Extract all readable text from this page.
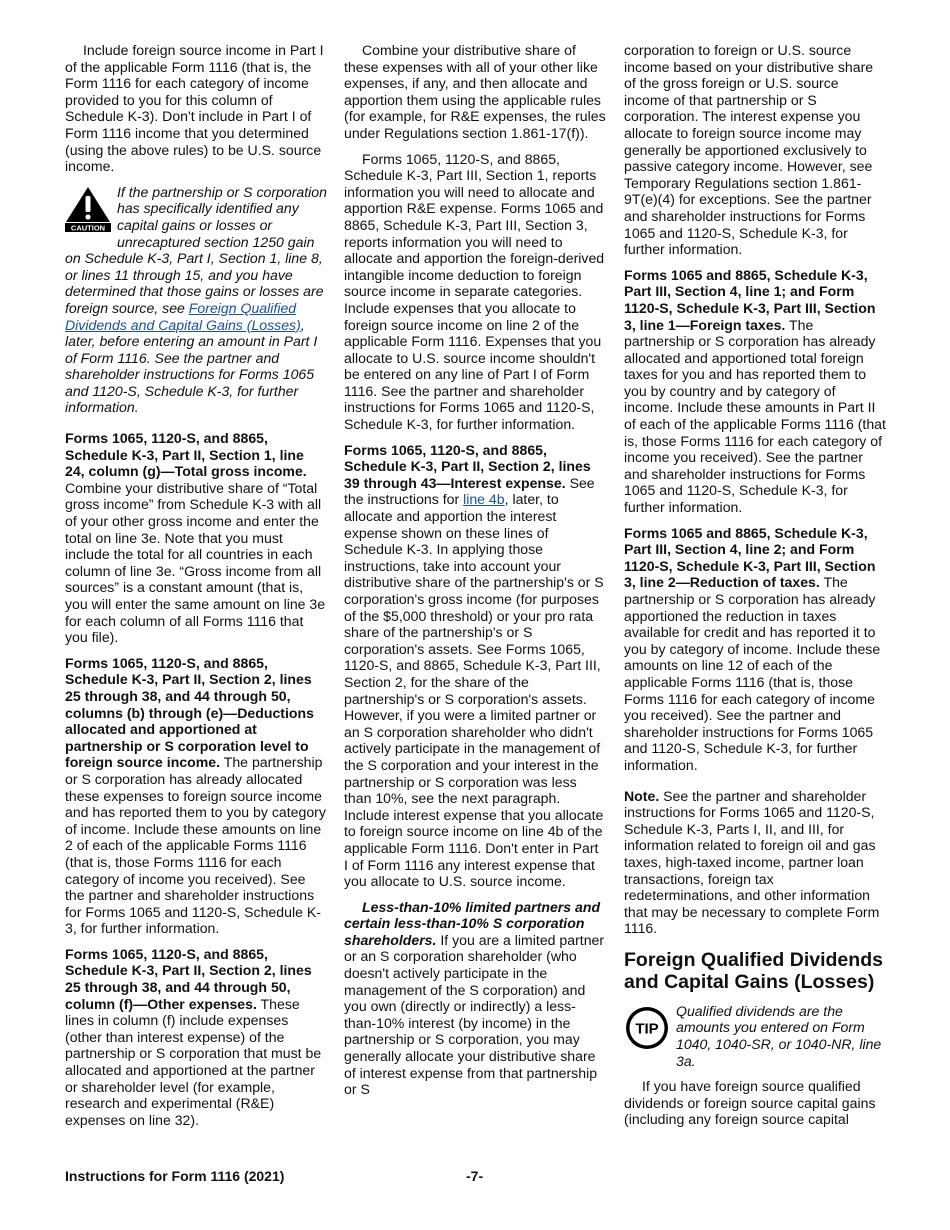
Include foreign source income in Part I of the applicable Form 1116 (that is, the Form 1116 for each category of income provided to you for this column of Schedule K-3). Don't include in Part I of Form 1116 income that you determined (using the above rules) to be U.S. source income.

CAUTION
If the partnership or S corporation has specifically identified any capital gains or losses or unrecaptured section 1250 gain on Schedule K-3, Part I, Section 1, line 8, or lines 11 through 15, and you have determined that those gains or losses are foreign source, see Foreign Qualified Dividends and Capital Gains (Losses), later, before entering an amount in Part I of Form 1116. See the partner and shareholder instructions for Forms 1065 and 1120-S, Schedule K-3, for further information.

Forms 1065, 1120-S, and 8865, Schedule K-3, Part II, Section 1, line 24, column (g)—Total gross income. Combine your distributive share of “Total gross income” from Schedule K-3 with all of your other gross income and enter the total on line 3e. Note that you must include the total for all countries in each column of line 3e. “Gross income from all sources” is a constant amount (that is, you will enter the same amount on line 3e for each column of all Forms 1116 that you file).

Forms 1065, 1120-S, and 8865, Schedule K-3, Part II, Section 2, lines 25 through 38, and 44 through 50, columns (b) through (e)—Deductions allocated and apportioned at partnership or S corporation level to foreign source income. The partnership or S corporation has already allocated these expenses to foreign source income and has reported them to you by category of income. Include these amounts on line 2 of each of the applicable Forms 1116 (that is, those Forms 1116 for each category of income you received). See the partner and shareholder instructions for Forms 1065 and 1120-S, Schedule K-3, for further information.

Forms 1065, 1120-S, and 8865, Schedule K-3, Part II, Section 2, lines 25 through 38, and 44 through 50, column (f)—Other expenses. These lines in column (f) include expenses (other than interest expense) of the partnership or S corporation that must be allocated and apportioned at the partner or shareholder level (for example, research and experimental (R&E) expenses on line 32).

Combine your distributive share of these expenses with all of your other like expenses, if any, and then allocate and apportion them using the applicable rules (for example, for R&E expenses, the rules under Regulations section 1.861-17(f)).

Forms 1065, 1120-S, and 8865, Schedule K-3, Part III, Section 1, reports information you will need to allocate and apportion R&E expense. Forms 1065 and 8865, Schedule K-3, Part III, Section 3, reports information you will need to allocate and apportion the foreign-derived intangible income deduction to foreign source income in separate categories. Include expenses that you allocate to foreign source income on line 2 of the applicable Form 1116. Expenses that you allocate to U.S. source income shouldn't be entered on any line of Part I of Form 1116. See the partner and shareholder instructions for Forms 1065 and 1120-S, Schedule K-3, for further information.

Forms 1065, 1120-S, and 8865, Schedule K-3, Part II, Section 2, lines 39 through 43—Interest expense. See the instructions for line 4b, later, to allocate and apportion the interest expense shown on these lines of Schedule K-3. In applying those instructions, take into account your distributive share of the partnership's or S corporation's gross income (for purposes of the $5,000 threshold) or your pro rata share of the partnership's or S corporation's assets. See Forms 1065, 1120-S, and 8865, Schedule K-3, Part III, Section 2, for the share of the partnership's or S corporation's assets. However, if you were a limited partner or an S corporation shareholder who didn't actively participate in the management of the S corporation and your interest in the partnership or S corporation was less than 10%, see the next paragraph. Include interest expense that you allocate to foreign source income on line 4b of the applicable Form 1116. Don't enter in Part I of Form 1116 any interest expense that you allocate to U.S. source income.

Less-than-10% limited partners and certain less-than-10% S corporation shareholders. If you are a limited partner or an S corporation shareholder (who doesn't actively participate in the management of the S corporation) and you own (directly or indirectly) a less-than-10% interest (by income) in the partnership or S corporation, you may generally allocate your distributive share of interest expense from that partnership or S

corporation to foreign or U.S. source income based on your distributive share of the gross foreign or U.S. source income of that partnership or S corporation. The interest expense you allocate to foreign source income may generally be apportioned exclusively to passive category income. However, see Temporary Regulations section 1.861-9T(e)(4) for exceptions. See the partner and shareholder instructions for Forms 1065 and 1120-S, Schedule K-3, for further information.

Forms 1065 and 8865, Schedule K-3, Part III, Section 4, line 1; and Form 1120-S, Schedule K-3, Part III, Section 3, line 1—Foreign taxes. The partnership or S corporation has already allocated and apportioned total foreign taxes for you and has reported them to you by country and by category of income. Include these amounts in Part II of each of the applicable Forms 1116 (that is, those Forms 1116 for each category of income you received). See the partner and shareholder instructions for Forms 1065 and 1120-S, Schedule K-3, for further information.

Forms 1065 and 8865, Schedule K-3, Part III, Section 4, line 2; and Form 1120-S, Schedule K-3, Part III, Section 3, line 2—Reduction of taxes. The partnership or S corporation has already apportioned the reduction in taxes available for credit and has reported it to you by category of income. Include these amounts on line 12 of each of the applicable Forms 1116 (that is, those Forms 1116 for each category of income you received). See the partner and shareholder instructions for Forms 1065 and 1120-S, Schedule K-3, for further information.

Note. See the partner and shareholder instructions for Forms 1065 and 1120-S, Schedule K-3, Parts I, II, and III, for information related to foreign oil and gas taxes, high-taxed income, partner loan transactions, foreign tax redeterminations, and other information that may be necessary to complete Form 1116.

Foreign Qualified Dividends and Capital Gains (Losses)
TIP
Qualified dividends are the amounts you entered on Form 1040, 1040-SR, or 1040-NR, line 3a.

If you have foreign source qualified dividends or foreign source capital gains (including any foreign source capital

Instructions for Form 1116 (2021)	-7-
